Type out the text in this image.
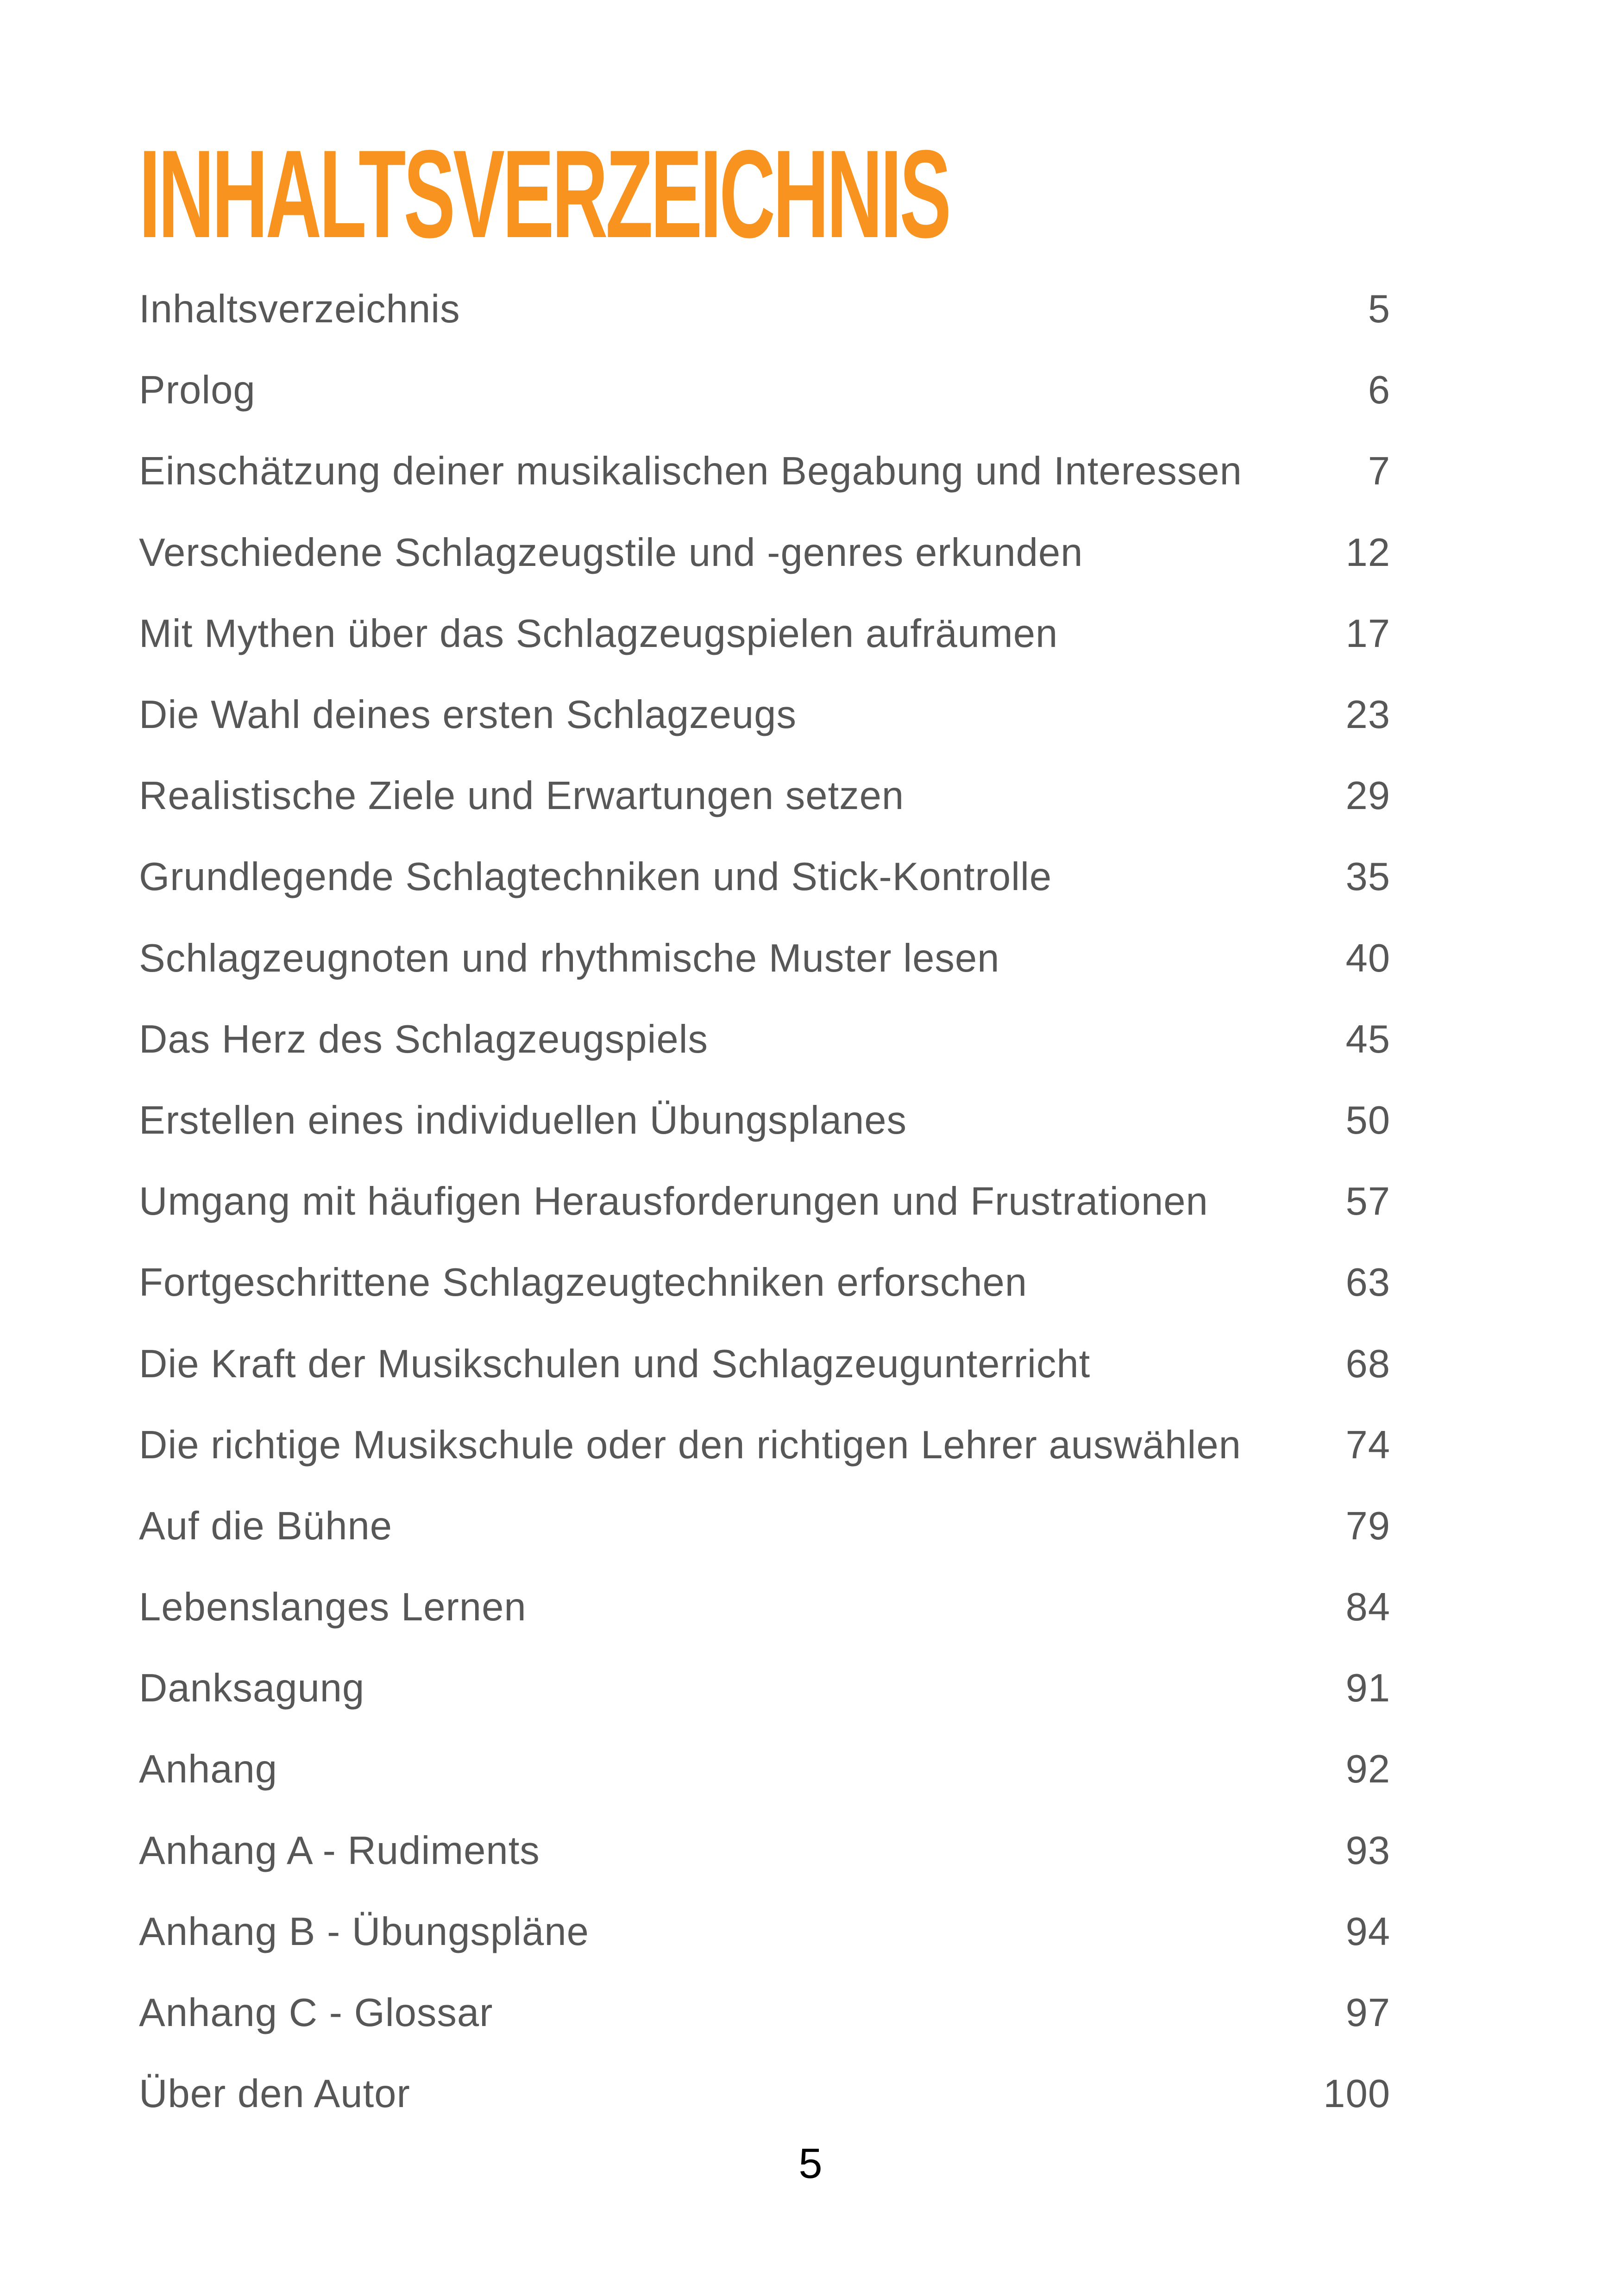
INHALTSVERZEICHNIS
Inhaltsverzeichnis	5
Prolog	6
Einschätzung deiner musikalischen Begabung und Interessen	7
Verschiedene Schlagzeugstile und -genres erkunden	12
Mit Mythen über das Schlagzeugspielen aufräumen	17
Die Wahl deines ersten Schlagzeugs	23
Realistische Ziele und Erwartungen setzen	29
Grundlegende Schlagtechniken und Stick-Kontrolle	35
Schlagzeugnoten und rhythmische Muster lesen	40
Das Herz des Schlagzeugspiels	45
Erstellen eines individuellen Übungsplanes	50
Umgang mit häufigen Herausforderungen und Frustrationen	57
Fortgeschrittene Schlagzeugtechniken erforschen	63
Die Kraft der Musikschulen und Schlagzeugunterricht	68
Die richtige Musikschule oder den richtigen Lehrer auswählen	74
Auf die Bühne	79
Lebenslanges Lernen	84
Danksagung	91
Anhang	92
Anhang A - Rudiments	93
Anhang B - Übungspläne	94
Anhang C - Glossar	97
Über den Autor	100
5
